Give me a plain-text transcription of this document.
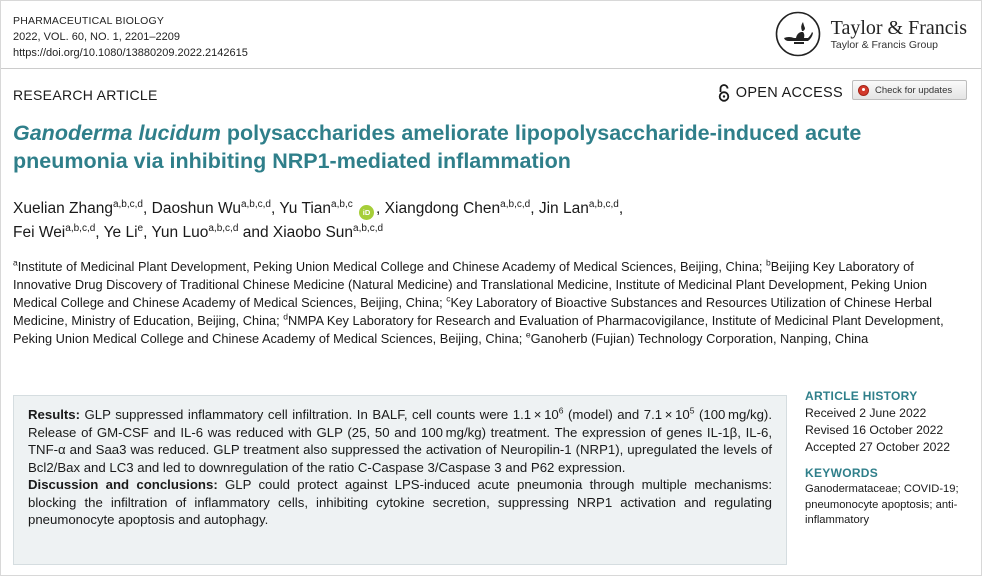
PHARMACEUTICAL BIOLOGY
2022, VOL. 60, NO. 1, 2201–2209
https://doi.org/10.1080/13880209.2022.2142615
Taylor & Francis
Taylor & Francis Group
RESEARCH ARTICLE	OPEN ACCESS	Check for updates
Ganoderma lucidum polysaccharides ameliorate lipopolysaccharide-induced acute pneumonia via inhibiting NRP1-mediated inflammation
Xuelian Zhang$^{a,b,c,d}$, Daoshun Wu$^{a,b,c,d}$, Yu Tian$^{a,b,c}$ iD , Xiangdong Chen$^{a,b,c,d}$, Jin Lan$^{a,b,c,d}$,
Fei Wei$^{a,b,c,d}$, Ye Li$^e$, Yun Luo$^{a,b,c,d}$ and Xiaobo Sun$^{a,b,c,d}$
$^a$Institute of Medicinal Plant Development, Peking Union Medical College and Chinese Academy of Medical Sciences, Beijing, China; $^b$Beijing Key Laboratory of Innovative Drug Discovery of Traditional Chinese Medicine (Natural Medicine) and Translational Medicine, Institute of Medicinal Plant Development, Peking Union Medical College and Chinese Academy of Medical Sciences, Beijing, China; $^c$Key Laboratory of Bioactive Substances and Resources Utilization of Chinese Herbal Medicine, Ministry of Education, Beijing, China; $^d$NMPA Key Laboratory for Research and Evaluation of Pharmacovigilance, Institute of Medicinal Plant Development, Peking Union Medical College and Chinese Academy of Medical Sciences, Beijing, China; $^e$Ganoherb (Fujian) Technology Corporation, Nanping, China

Results: GLP suppressed inflammatory cell infiltration. In BALF, cell counts were $1.1 \times 10^6$ (model) and $7.1 \times 10^5$ (100 mg/kg). Release of GM-CSF and IL-6 was reduced with GLP (25, 50 and 100 mg/kg) treatment. The expression of genes IL-1β, IL-6, TNF-α and Saa3 was reduced. GLP treatment also suppressed the activation of Neuropilin-1 (NRP1), upregulated the levels of Bcl2/Bax and LC3 and led to downregulation of the ratio C-Caspase 3/Caspase 3 and P62 expression.

Discussion and conclusions: GLP could protect against LPS-induced acute pneumonia through multiple mechanisms: blocking the infiltration of inflammatory cells, inhibiting cytokine secretion, suppressing NRP1 activation and regulating pneumonocyte apoptosis and autophagy.

ARTICLE HISTORY
Received 2 June 2022
Revised 16 October 2022
Accepted 27 October 2022
KEYWORDS
Ganodermataceae; COVID-19; pneumonocyte apoptosis; anti-inflammatory
